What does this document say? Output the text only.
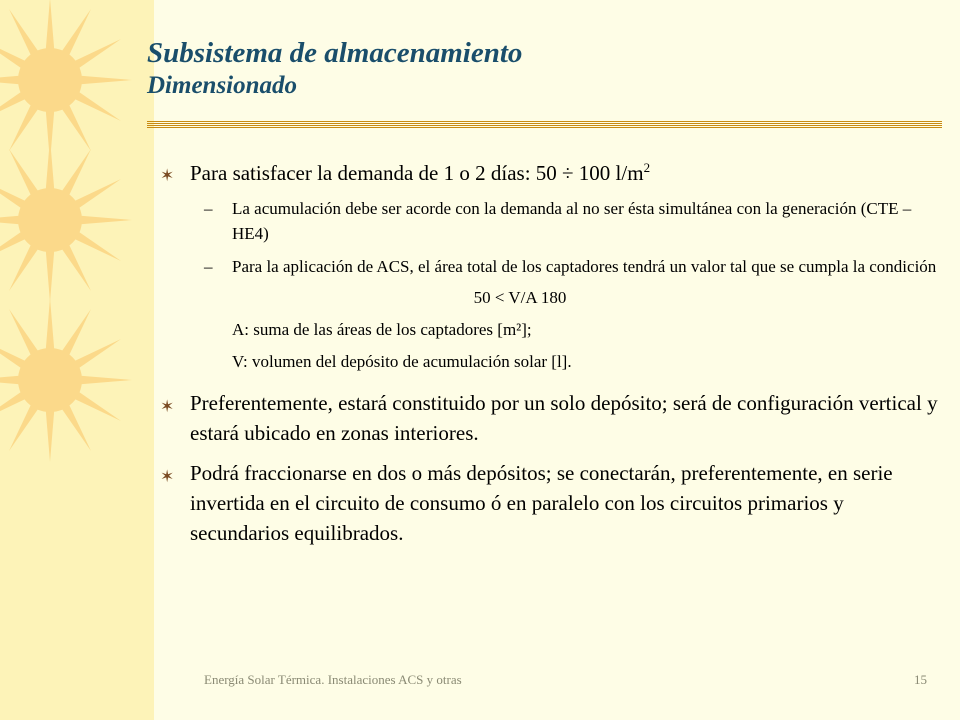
Subsistema de almacenamiento
Dimensionado
✶ Para satisfacer la demanda de 1 o 2 días: 50 ÷ 100 $l/m^2$
– La acumulación debe ser acorde con la demanda al no ser ésta simultánea con la generación (CTE – HE4)
– Para la aplicación de ACS, el área total de los captadores tendrá un valor tal que se cumpla la condición
50 < V/A 180
A: suma de las áreas de los captadores [m²];
V: volumen del depósito de acumulación solar [l].
✶ Preferentemente, estará constituido por un solo depósito; será de configuración vertical y estará ubicado en zonas interiores.
✶ Podrá fraccionarse en dos o más depósitos; se conectarán, preferentemente, en serie invertida en el circuito de consumo ó en paralelo con los circuitos primarios y secundarios equilibrados.
Energía Solar Térmica. Instalaciones ACS y otras	15
